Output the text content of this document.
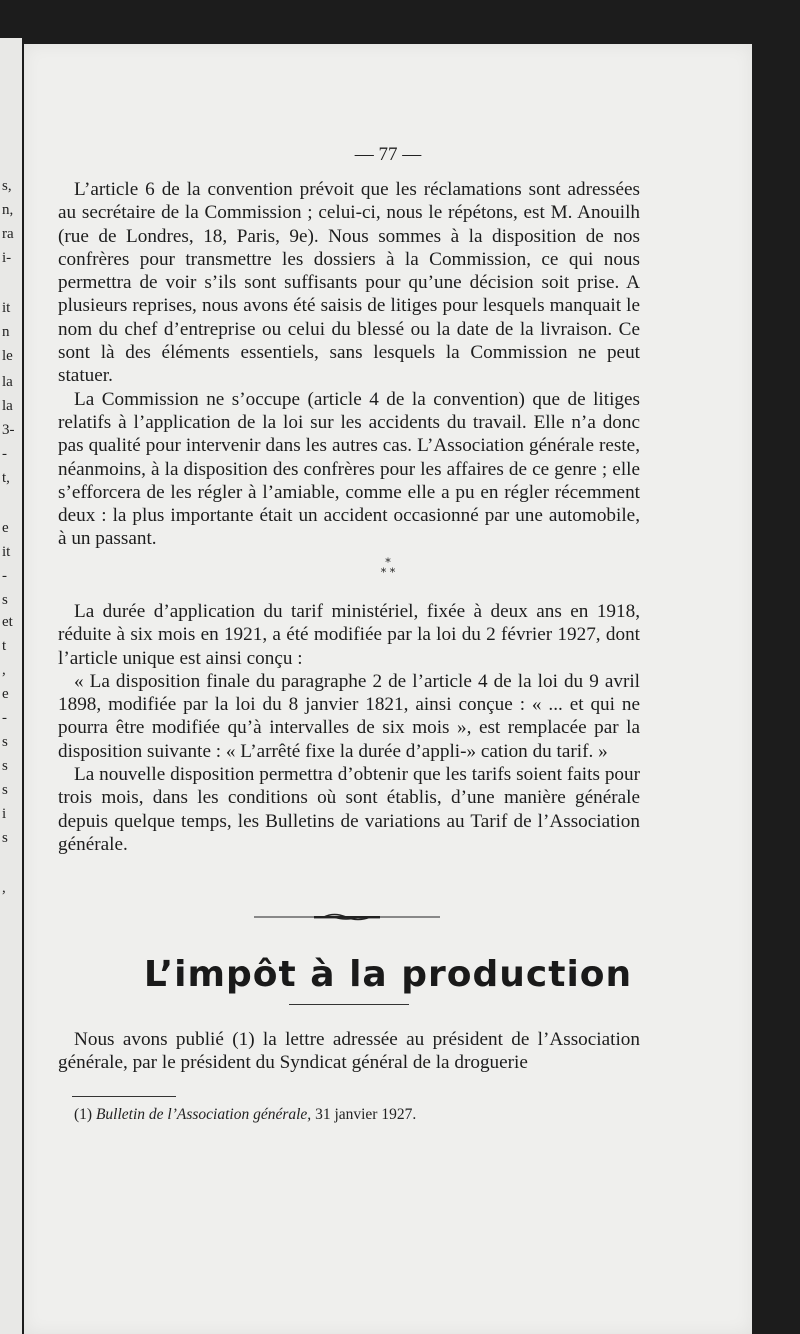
s,
n,
ra
i-
it
n
le
la
la
3-
-
t,
e
it
-
s
et
t
,
e
-
s
s
s
i
s
,
— 77 —

L’article 6 de la convention prévoit que les réclamations sont adressées au secrétaire de la Commission ; celui-ci, nous le répétons, est M. Anouilh (rue de Londres, 18, Paris, 9e). Nous sommes à la disposition de nos confrères pour transmettre les dossiers à la Commission, ce qui nous permettra de voir s’ils sont suffisants pour qu’une décision soit prise. A plusieurs reprises, nous avons été saisis de litiges pour lesquels manquait le nom du chef d’entreprise ou celui du blessé ou la date de la livraison. Ce sont là des éléments essentiels, sans lesquels la Commission ne peut statuer.

La Commission ne s’occupe (article 4 de la convention) que de litiges relatifs à l’application de la loi sur les accidents du travail. Elle n’a donc pas qualité pour intervenir dans les autres cas. L’Association générale reste, néanmoins, à la disposition des confrères pour les affaires de ce genre ; elle s’efforcera de les régler à l’amiable, comme elle a pu en régler récemment deux : la plus importante était un accident occasionné par une automobile, à un passant.

*
* *

La durée d’application du tarif ministériel, fixée à deux ans en 1918, réduite à six mois en 1921, a été modifiée par la loi du 2 février 1927, dont l’article unique est ainsi conçu :

« La disposition finale du paragraphe 2 de l’article 4 de la loi du 9 avril 1898, modifiée par la loi du 8 janvier 1821, ainsi conçue : « ... et qui ne pourra être modifiée qu’à intervalles de six mois », est remplacée par la disposition suivante : « L’arrêté fixe la durée d’appli-» cation du tarif. »

La nouvelle disposition permettra d’obtenir que les tarifs soient faits pour trois mois, dans les conditions où sont établis, d’une manière générale depuis quelque temps, les Bulletins de variations au Tarif de l’Association générale.

L’impôt à la production

Nous avons publié (1) la lettre adressée au président de l’Association générale, par le président du Syndicat général de la droguerie

(1) Bulletin de l’Association générale, 31 janvier 1927.
